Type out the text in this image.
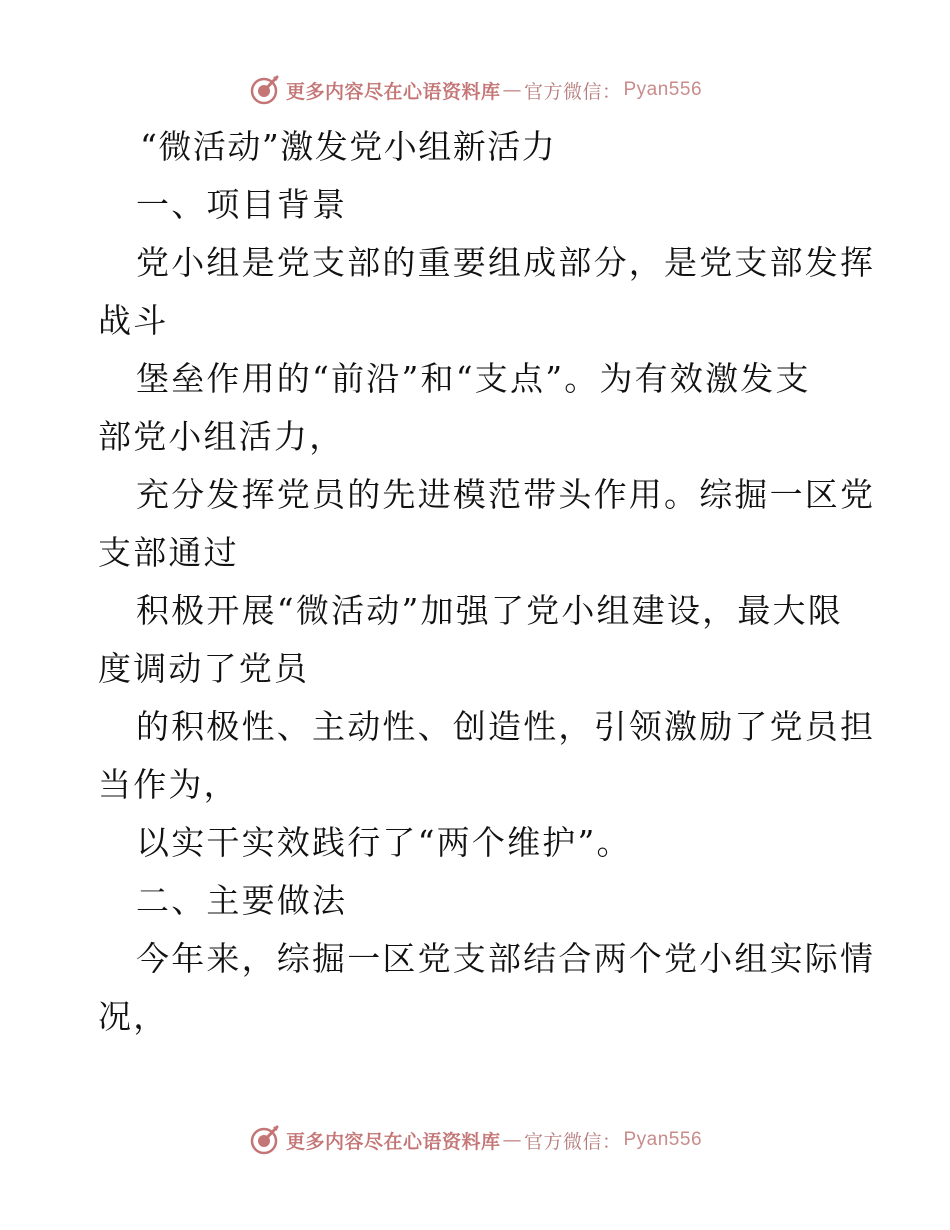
更多内容尽在心语资料库 — 官方微信： Pyan556
“微活动”激发党小组新活力
一、项目背景
党小组是党支部的重要组成部分，是党支部发挥
战斗
堡垒作用的“前沿”和“支点”。为有效激发支
部党小组活力，
充分发挥党员的先进模范带头作用。综掘一区党
支部通过
积极开展“微活动”加强了党小组建设，最大限
度调动了党员
的积极性、主动性、创造性，引领激励了党员担
当作为，
以实干实效践行了“两个维护”。
二、主要做法
今年来，综掘一区党支部结合两个党小组实际情
况，
更多内容尽在心语资料库 — 官方微信： Pyan556
